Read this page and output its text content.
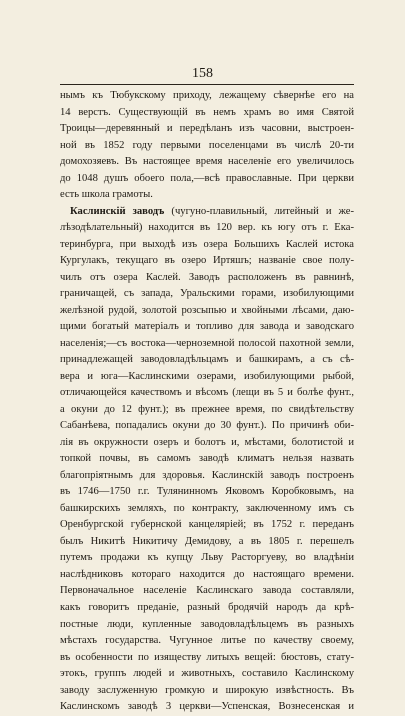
158
нымъ къ Тюбукскому приходу, лежащему сѣвернѣе его на
14 верстъ. Существующій въ немъ храмъ во имя Святой
Троицы—деревянный и передѣланъ изъ часовни, выстроен-
ной въ 1852 году первыми поселенцами въ числѣ 20-ти
домохозяевъ. Въ настоящее время населеніе его увеличилось
до 1048 душъ обоего пола,—всѣ православные. При церкви
есть школа грамоты.
Каслинскій заводъ (чугуно-плавильный, литейный и же-
лѣзодѣлательный) находится въ 120 вер. къ югу отъ г. Ека-
теринбурга, при выходѣ изъ озера Большихъ Каслей истока
Кургулакъ, текущаго въ озеро Иртяшъ; названіе свое полу-
чилъ отъ озера Каслей. Заводъ расположенъ въ равнинѣ,
граничащей, съ запада, Уральскими горами, изобилующими
желѣзной рудой, золотой розсыпью и хвойными лѣсами, даю-
щими богатый матеріалъ и топливо для завода и заводскаго
населенія;—съ востока—черноземной полосой пахотной земли,
принадлежащей заводовладѣльцамъ и башкирамъ, а съ сѣ-
вера и юга—Каслинскими озерами, изобилующими рыбой,
отличающейся качествомъ и вѣсомъ (лещи въ 5 и болѣе фунт.,
а окуни до 12 фунт.); въ прежнее время, по свидѣтельству
Сабанѣева, попадались окуни до 30 фунт.). По причинѣ оби-
лія въ окружности озеръ и болотъ и, мѣстами, болотистой и
топкой почвы, въ самомъ заводѣ климатъ нельзя назвать
благопріятнымъ для здоровья. Каслинскій заводъ построенъ
въ 1746—1750 г.г. Тулянинномъ Яковомъ Коробковымъ, на
башкирскихъ земляхъ, по контракту, заключенному имъ съ
Оренбургской губернской канцеляріей; въ 1752 г. переданъ
былъ Никитѣ Никитичу Демидову, а въ 1805 г. перешелъ
путемъ продажи къ купцу Льву Расторгуеву, во владѣніи
наслѣдниковъ котораго находится до настоящаго времени.
Первоначальное населеніе Каслинскаго завода составляли,
какъ говоритъ преданіе, разный бродячій народъ да крѣ-
постные люди, купленные заводовладѣльцемъ въ разныхъ
мѣстахъ государства. Чугунное литье по качеству своему,
въ особенности по изяществу литыхъ вещей: бюстовъ, стату-
этокъ, группъ людей и животныхъ, составило Каслинскому
заводу заслуженную громкую и широкую извѣстность. Въ
Каслинскомъ заводѣ 3 церкви—Успенская, Вознесенская и
